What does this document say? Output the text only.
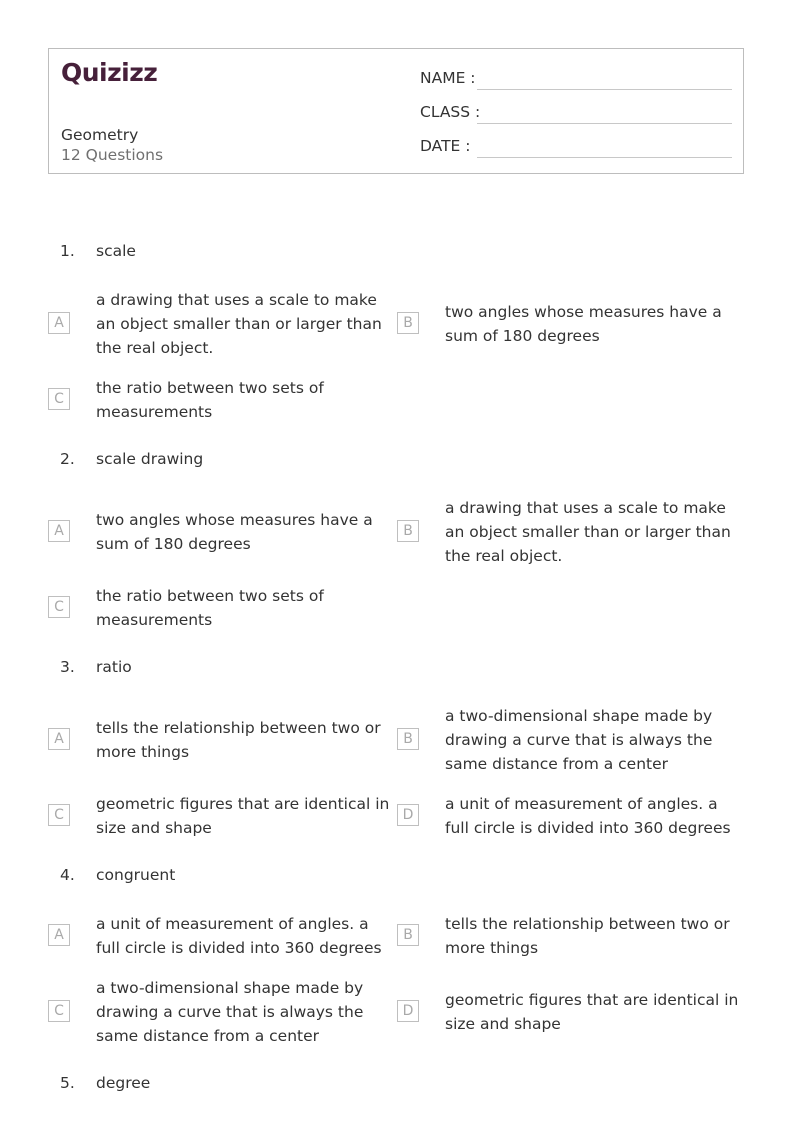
Quizizz
Geometry
12 Questions
NAME :
CLASS :
DATE :
1. scale
A
a drawing that uses a scale to make an object smaller than or larger than the real object.
B
two angles whose measures have a sum of 180 degrees
C
the ratio between two sets of measurements
2. scale drawing
A
two angles whose measures have a sum of 180 degrees
B
a drawing that uses a scale to make an object smaller than or larger than the real object.
C
the ratio between two sets of measurements
3. ratio
A
tells the relationship between two or more things
B
a two-dimensional shape made by drawing a curve that is always the same distance from a center
C
geometric figures that are identical in size and shape
D
a unit of measurement of angles. a full circle is divided into 360 degrees
4. congruent
A
a unit of measurement of angles. a full circle is divided into 360 degrees
B
tells the relationship between two or more things
C
a two-dimensional shape made by drawing a curve that is always the same distance from a center
D
geometric figures that are identical in size and shape
5. degree
